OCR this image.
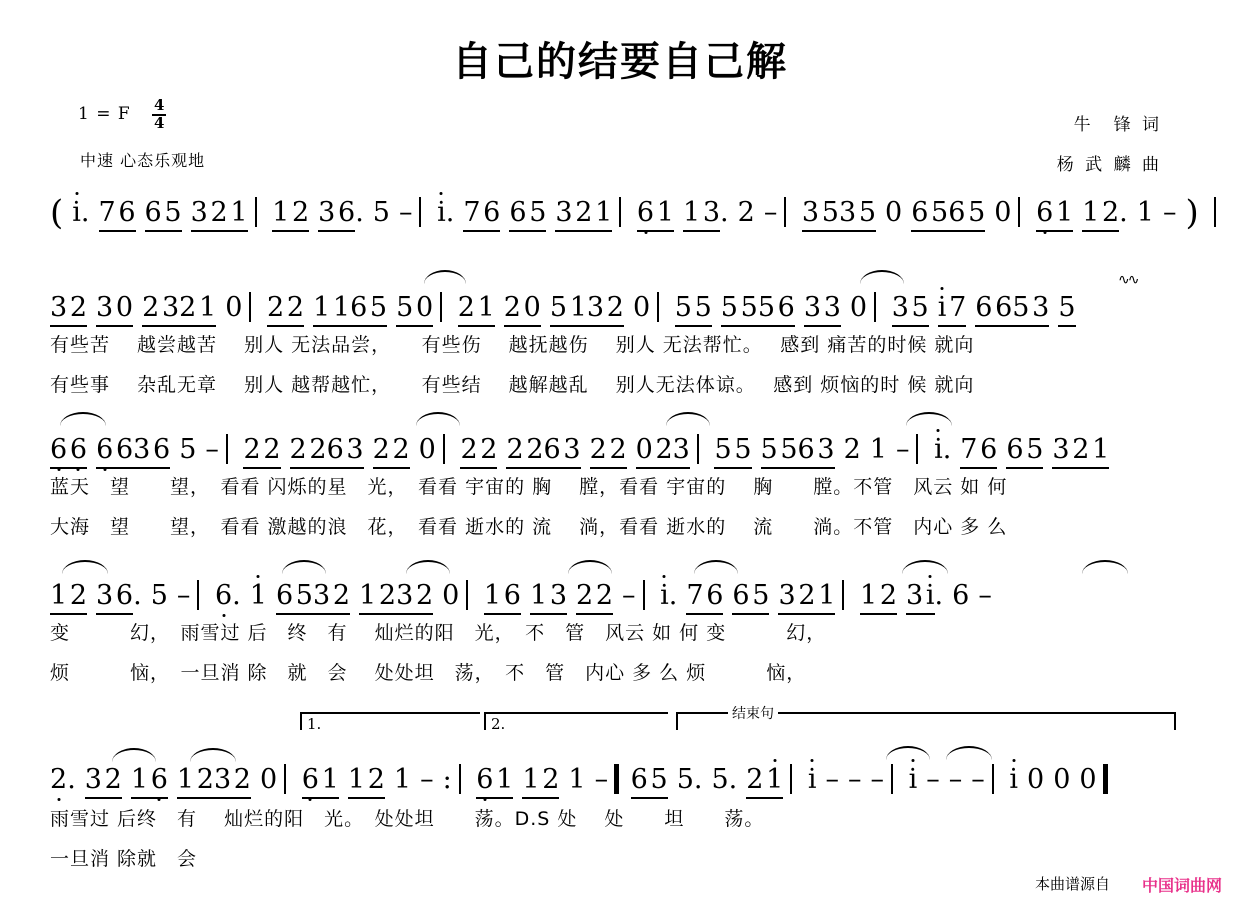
自己的结要自己解
1 = F $\frac{4}{4}$
中速 心态乐观地
牛　锋 词
杨 武 麟 曲
( i. 7 6 6 5 3 2 1 1 2 3 6. 5 – i. 7 6 6 5 3 2 1 6 1 1 3. 2 – 3 53 5 0 6 56 5 0 6 1 1 2. 1 – )
∿∿
3 2 3 0 2 32 1 0 2 2 1 16 5 5 0 2 1 2 0 5 13 2 0 5 5 5 55 6 3 3 0 3 5 i 7 6 65 3 5
有些苦　 越尝越苦　 别人 无法品尝，　　有些伤　 越抚越伤　 别人 无法帮忙。　 感到 痛苦的时候 就向
有些事　 杂乱无章　 别人 越帮越忙，　　有些结　 越解越乱　 别人无法体谅。　 感到 烦恼的时 候 就向
6  6 6 63 6 5 – 2 2 2 26 3 2 2 0 2 2 2 26 3 2 2 0 23 5 5 5 56 3 2 1 – i. 7 6 6 5 3 2 1
蓝天　望　　望，　看看 闪烁的星　光，　看看 宇宙的 胸　 膛，看看 宇宙的　 胸　　膛。不管　风云 如 何
大海　望　　望，　看看 激越的浪　花，　看看 逝水的 流　 淌，看看 逝水的　 流　　淌。不管　内心 多 么
1 2 3 6. 5 – 6. 1 6 53 2 1 23 2 0 1 6 1 3 2 2 – i. 7 6 6 5 3 2 1 1 2 3 i. 6 –
变　　　幻，　雨雪过 后　终　有　 灿烂的阳　光，　不　管　风云 如 何 变　　　幻，
烦　　　恼，　一旦消 除　就　会　 处处坦　荡，　不　管　内心 多 么 烦　　　恼，
1.	2.
结束句
2. 3 2 1 6 1 23 2 0 6 1 1 2 1 – : 6 1 1 2 1 – 6 5 5. 5. 2 1 i – – – i – – – i 0 0 0
雨雪过 后终　有　 灿烂的阳　光。　处处坦　　荡。D.S 处　 处　　坦　　荡。
一旦消 除就　会
本曲谱源自 中国词曲网
